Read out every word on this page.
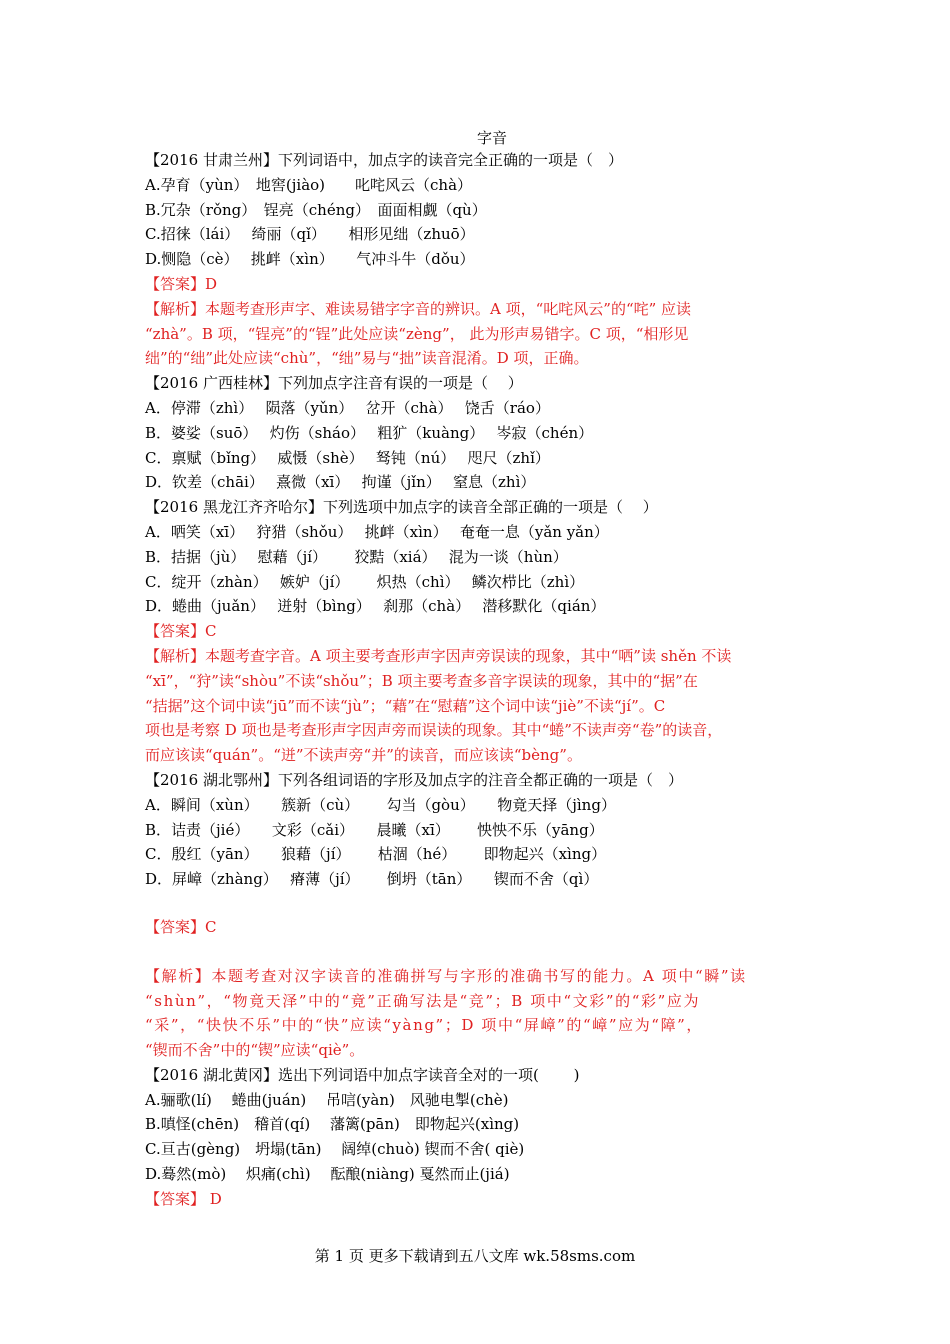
字音
【2016 甘肃兰州】下列词语中，加点字的读音完全正确的一项是（　）
A.孕育（yùn）　地窖(jiào)　　叱咤风云（chà）
B.冗杂（rǒng）　锃亮（chéng）　面面相觑（qù）
C.招徕（lái）　 绮丽（qǐ）　　相形见绌（zhuō）
D.恻隐（cè）　 挑衅（xìn）　　气冲斗牛（dǒu）
【答案】D
【解析】本题考查形声字、难读易错字字音的辨识。A 项，“叱咤风云”的“咤” 应读
“zhà”。B 项，“锃亮”的“锃”此处应读“zèng”， 此为形声易错字。C 项，“相形见
绌”的“绌”此处应读“chù”，“绌”易与“拙”读音混淆。D 项，正确。
【2016 广西桂林】下列加点字注音有误的一项是（　 ）
A．停滞（zhì）　 陨落（yǔn）　 岔开（chà）　 饶舌（ráo）
B．婆娑（suō）　 灼伤（sháo）　 粗犷（kuàng）　 岑寂（chén）
C．禀赋（bǐng）　 威慑（shè）　 驽钝（nú）　 咫尺（zhǐ）
D．钦差（chāi）　 熹微（xī）　 拘谨（jǐn）　 窒息（zhì）
【2016 黑龙江齐齐哈尔】下列选项中加点字的读音全部正确的一项是（　 ）
A．哂笑（xī）　 狩猎（shǒu）　 挑衅（xìn）　 奄奄一息（yǎn yǎn）
B．拮据（jù）　 慰藉（jí）　　 狡黠（xiá）　 混为一谈（hùn）
C．绽开（zhàn）　 嫉妒（jí）　　 炽热（chì）　 鳞次栉比（zhì）
D．蜷曲（juǎn）　 迸射（bìng）　 刹那（chà）　 潜移默化（qián）
【答案】C
【解析】本题考查字音。A 项主要考查形声字因声旁误读的现象，其中“哂”读 shěn 不读
“xī”，“狩”读“shòu”不读“shǒu”；B 项主要考查多音字误读的现象，其中的“据”在
“拮据”这个词中读“jū”而不读“jù”；“藉”在“慰藉”这个词中读“jiè”不读“jí”。C
项也是考察 D 项也是考查形声字因声旁而误读的现象。其中“蜷”不读声旁“卷”的读音，
而应该读“quán”。“迸”不读声旁“并”的读音，而应该读“bèng”。
【2016 湖北鄂州】下列各组词语的字形及加点字的注音全都正确的一项是（　）
A．瞬间（xùn）　　簇新（cù）　　 勾当（gòu）　　物竟天择（jìng）
B．诘责（jié）　　文彩（cǎi）　　晨曦（xī）　　 怏怏不乐（yāng）
C．殷红（yān）　　狼藉（jí）　　 枯涸（hé）　　 即物起兴（xìng）
D．屏嶂（zhàng）　 瘠薄（jí）　　 倒坍（tān）　　锲而不舍（qì）
【答案】C
【解析】本题考查对汉字读音的准确拼写与字形的准确书写的能力。A 项中“瞬”读
“shùn”，“物竟天泽”中的“竟”正确写法是“竞”；B 项中“文彩”的“彩”应为
“采”，“快快不乐”中的“快”应读“yàng”；D 项中“屏嶂”的“嶂”应为“障”，
“锲而不舍”中的“锲”应读“qiè”。
【2016 湖北黄冈】选出下列词语中加点字读音全对的一项(　　 )
A.骊歌(lí)　 蜷曲(juán)　 吊唁(yàn)　风驰电掣(chè)
B.嗔怪(chēn)　稽首(qí)　 藩篱(pān)　即物起兴(xìng)
C.亘古(gèng)　坍塌(tān)　 阔绰(chuò) 锲而不舍( qiè)
D.蓦然(mò)　 炽痛(chì)　 酝酿(niàng) 戛然而止(jiá)
【答案】 D
第 1 页 更多下载请到五八文库 wk.58sms.com
